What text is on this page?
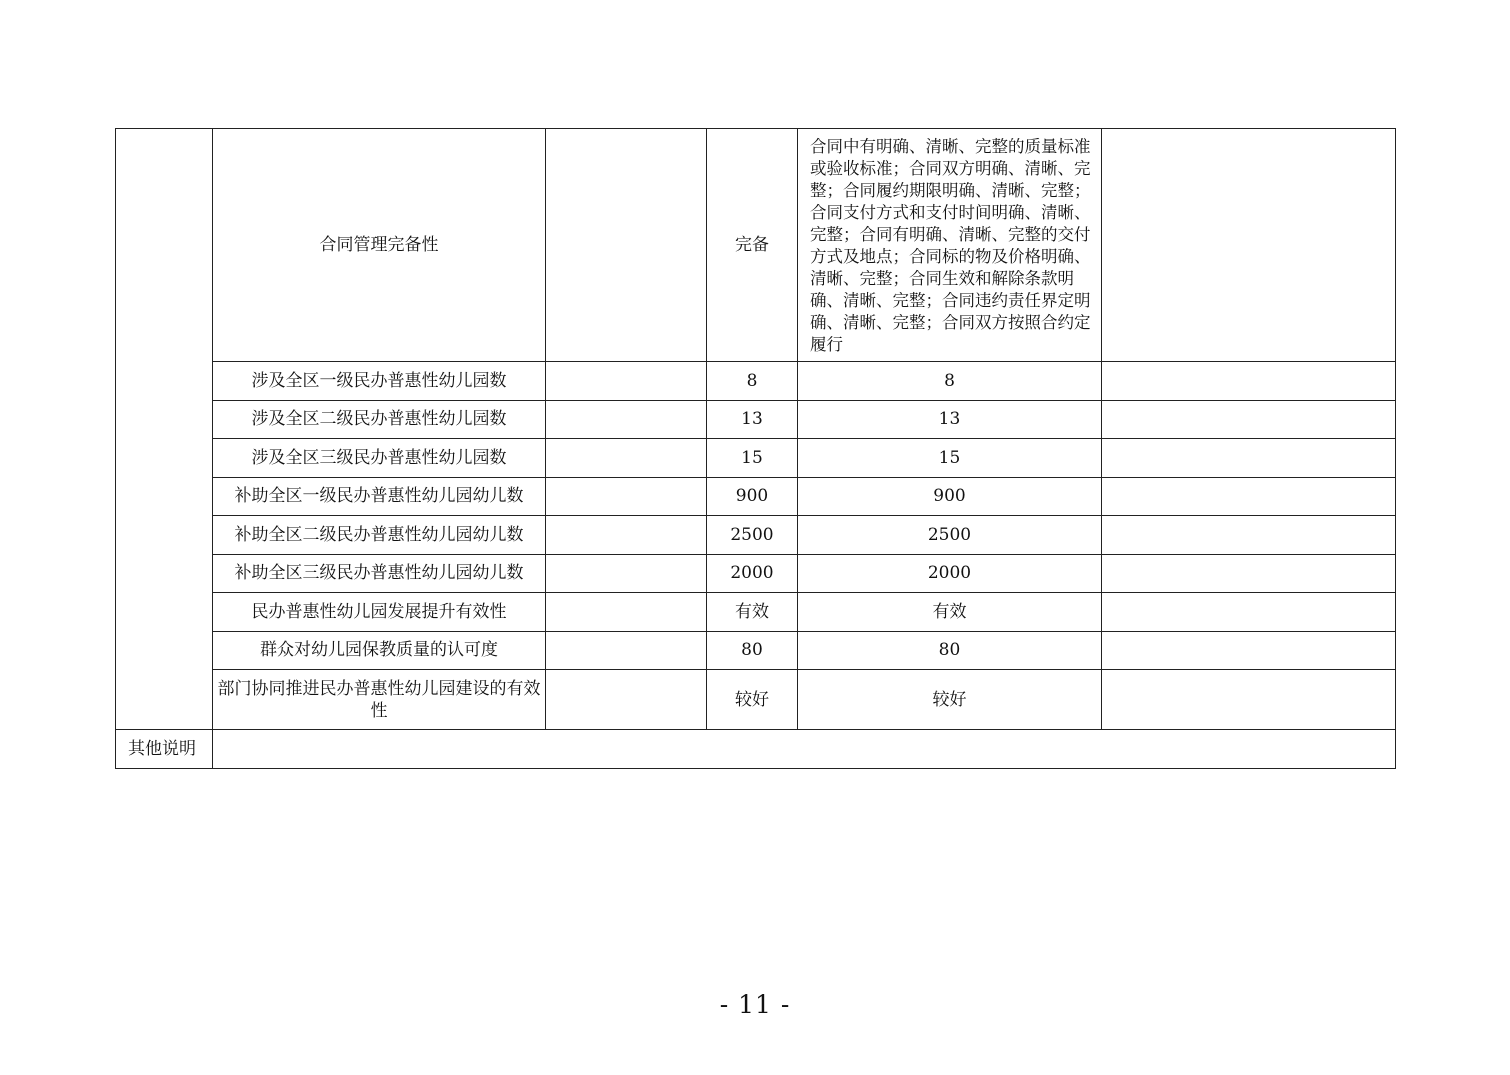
	合同管理完备性		完备	合同中有明确、清晰、完整的质量标准或验收标准；合同双方明确、清晰、完整；合同履约期限明确、清晰、完整；合同支付方式和支付时间明确、清晰、完整；合同有明确、清晰、完整的交付方式及地点；合同标的物及价格明确、清晰、完整；合同生效和解除条款明确、清晰、完整；合同违约责任界定明确、清晰、完整；合同双方按照合约定履行	
	涉及全区一级民办普惠性幼儿园数		8	8	
	涉及全区二级民办普惠性幼儿园数		13	13	
	涉及全区三级民办普惠性幼儿园数		15	15	
	补助全区一级民办普惠性幼儿园幼儿数		900	900	
	补助全区二级民办普惠性幼儿园幼儿数		2500	2500	
	补助全区三级民办普惠性幼儿园幼儿数		2000	2000	
	民办普惠性幼儿园发展提升有效性		有效	有效	
	群众对幼儿园保教质量的认可度		80	80	
	部门协同推进民办普惠性幼儿园建设的有效性		较好	较好	
其他说明					
- 11 -
